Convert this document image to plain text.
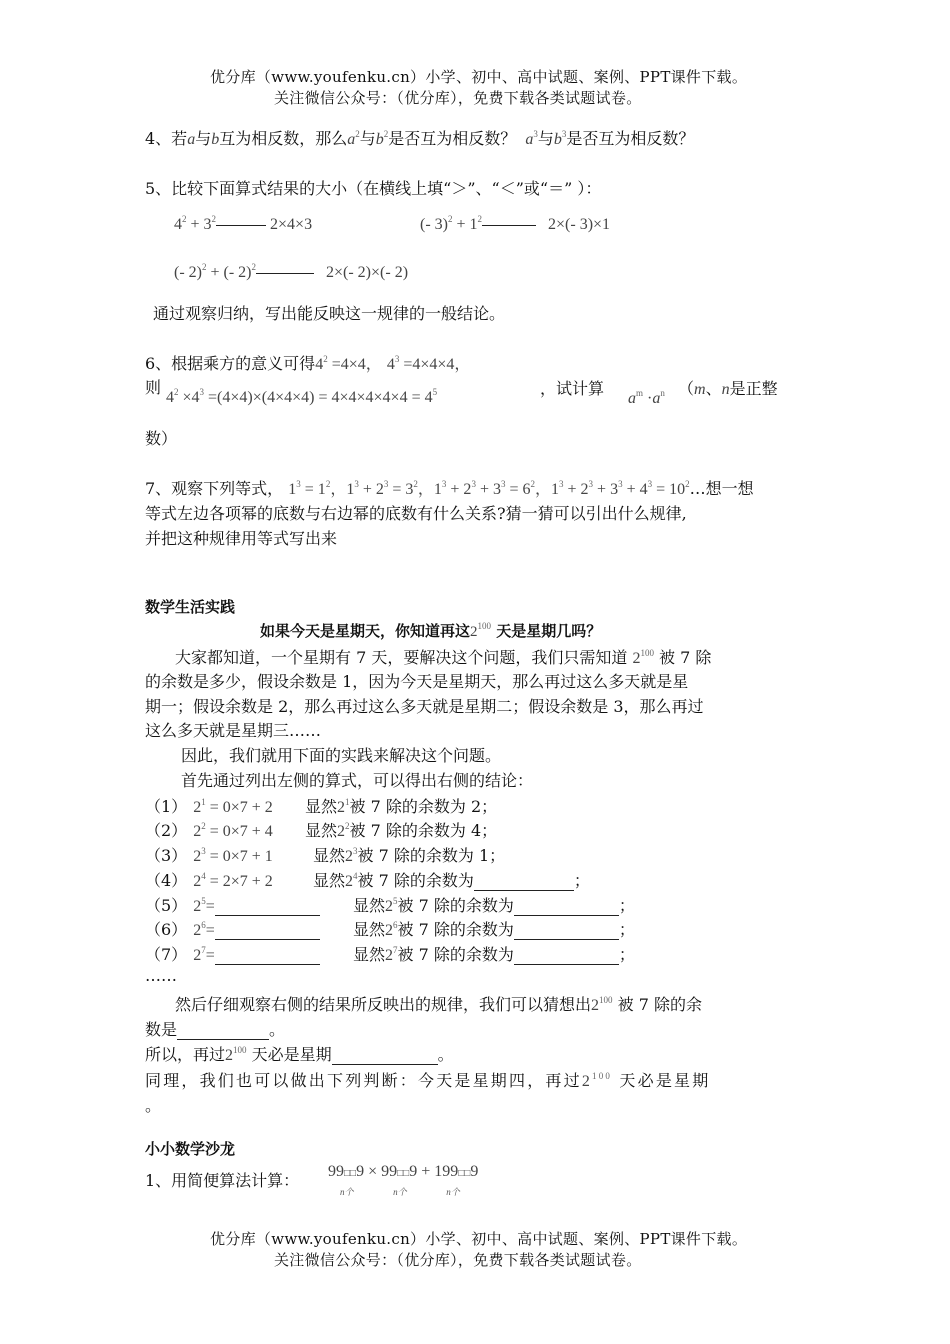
优分库（www.youfenku.cn）小学、初中、高中试题、案例、PPT课件下载。
关注微信公众号：（优分库），免费下载各类试题试卷。
4、若a与b互为相反数，那么$a^2$与$b^2$是否互为相反数？ $a^3$与$b^3$是否互为相反数？
5、比较下面算式结果的大小（在横线上填“＞”、“＜”或“＝” ）：
$4^2 + 3^2$	2×4×3	(- $3)^2 + 1^2$	2×(- 3)×1
(- 2)$^2$ + (- 2)$^2$	2×(- 2)×(- 2)
通过观察归纳，写出能反映这一规律的一般结论。
6、根据乘方的意义可得$4^2 =4\times 4$， $4^3 =4\times 4\times 4$，
则
$4^2 \times 4^3 =(4\times 4)\times(4\times 4\times 4) = 4\times 4\times 4\times 4\times 4 = 4^5$	，试计算
$a^m \cdot a^n$ （m、n是正整
数）
7、观察下列等式， $1^3 = 1^2$，$1^3 + 2^3 = 3^2$，$1^3 + 2^3 + 3^3 = 6^2$，$1^3 + 2^3 + 3^3 + 4^3$ = $10^2\dots$想一想
等式左边各项幂的底数与右边幂的底数有什么关系?猜一猜可以引出什么规律,
并把这种规律用等式写出来
数学生活实践
如果今天是星期天，你知道再这$2^{100}$ 天是星期几吗？
大家都知道，一个星期有 7 天，要解决这个问题，我们只需知道 $2^{100}$ 被 7 除
的余数是多少，假设余数是 1，因为今天是星期天，那么再过这么多天就是星
期一；假设余数是 2，那么再过这么多天就是星期二；假设余数是 3，那么再过
这么多天就是星期三……
因此，我们就用下面的实践来解决这个问题。
首先通过列出左侧的算式，可以得出右侧的结论：
（1） $2^1 = 0\times 7 + 2$ 显然$2^1$被 7 除的余数为 2；
（2） $2^2 = 0\times 7 + 4$ 显然$2^2$被 7 除的余数为 4；
（3） $2^3 = 0\times 7 + 1$	显然$2^3$被 7 除的余数为 1；
（4） $2^4 = 2\times 7 + 2$	显然$2^4$被 7 除的余数为	；
（5） $2^5=$	显然$2^5$被 7 除的余数为	；
（6） $2^6=$	显然$2^6$被 7 除的余数为	；
（7） $2^7=$	显然$2^7$被 7 除的余数为	；
……
然后仔细观察右侧的结果所反映出的规律，我们可以猜想出$2^{100}$ 被 7 除的余
数是	。
所以，再过$2^{100}$ 天必是星期	。
同理，我们也可以做出下列判断：今天是星期四，再过$2^{100}$ 天必是星期
。
小小数学沙龙
1、用简便算法计算： 99□□9
n个
× 99□□9
n个
+ 199□□9
n个
优分库（www.youfenku.cn）小学、初中、高中试题、案例、PPT课件下载。
关注微信公众号：（优分库），免费下载各类试题试卷。
